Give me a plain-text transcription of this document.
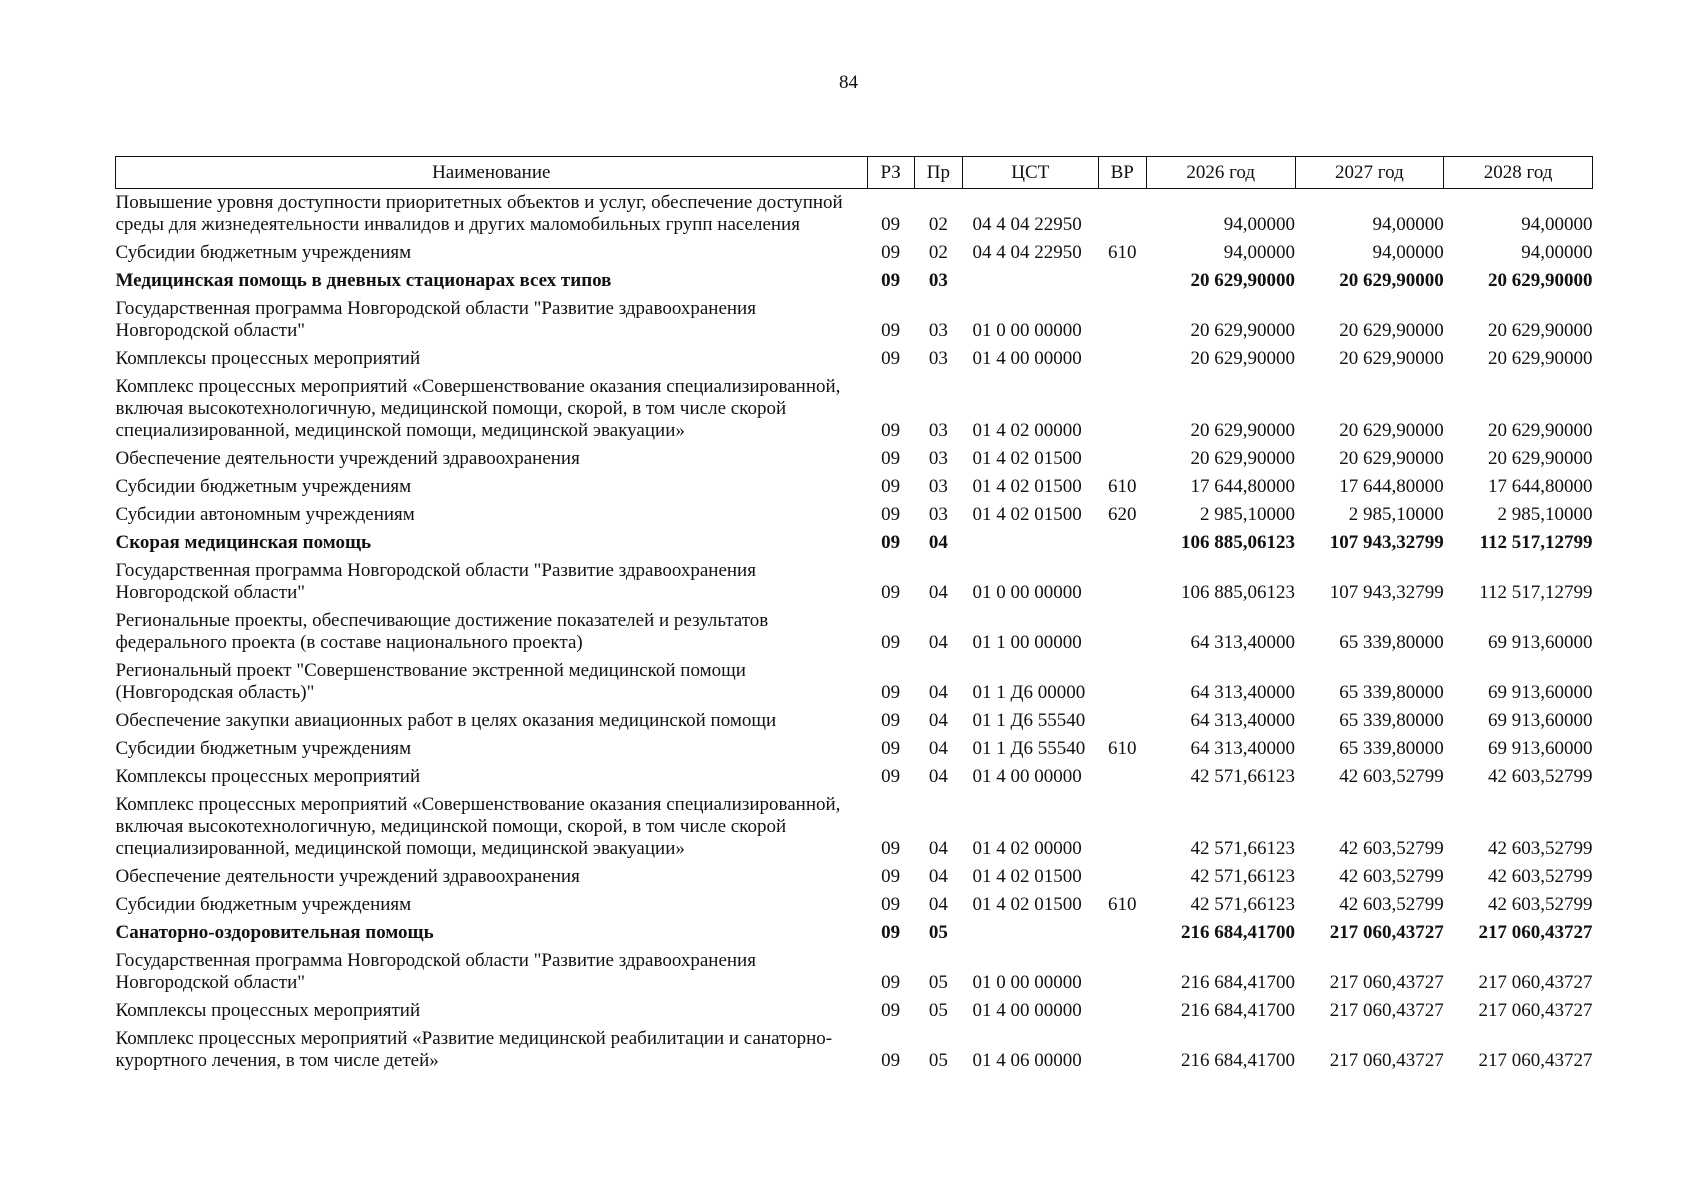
84
Наименование	РЗ	Пр	ЦСТ	ВР	2026 год	2027 год	2028 год
Повышение уровня доступности приоритетных объектов и услуг, обеспечение доступной среды для жизнедеятельности инвалидов и других маломобильных групп населения	09	02	04 4 04 22950		94,00000	94,00000	94,00000
Субсидии бюджетным учреждениям	09	02	04 4 04 22950	610	94,00000	94,00000	94,00000
Медицинская помощь в дневных стационарах всех типов	09	03			20 629,90000	20 629,90000	20 629,90000
Государственная программа Новгородской области "Развитие здравоохранения Новгородской области"	09	03	01 0 00 00000		20 629,90000	20 629,90000	20 629,90000
Комплексы процессных мероприятий	09	03	01 4 00 00000		20 629,90000	20 629,90000	20 629,90000
Комплекс процессных мероприятий «Совершенствование оказания специализированной, включая высокотехнологичную, медицинской помощи, скорой, в том числе скорой специализированной, медицинской помощи, медицинской эвакуации»	09	03	01 4 02 00000		20 629,90000	20 629,90000	20 629,90000
Обеспечение деятельности учреждений здравоохранения	09	03	01 4 02 01500		20 629,90000	20 629,90000	20 629,90000
Субсидии бюджетным учреждениям	09	03	01 4 02 01500	610	17 644,80000	17 644,80000	17 644,80000
Субсидии автономным учреждениям	09	03	01 4 02 01500	620	2 985,10000	2 985,10000	2 985,10000
Скорая медицинская помощь	09	04			106 885,06123	107 943,32799	112 517,12799
Государственная программа Новгородской области "Развитие здравоохранения Новгородской области"	09	04	01 0 00 00000		106 885,06123	107 943,32799	112 517,12799
Региональные проекты, обеспечивающие достижение показателей и результатов федерального проекта (в составе национального проекта)	09	04	01 1 00 00000		64 313,40000	65 339,80000	69 913,60000
Региональный проект "Совершенствование экстренной медицинской помощи (Новгородская область)"	09	04	01 1 Д6 00000		64 313,40000	65 339,80000	69 913,60000
Обеспечение закупки авиационных работ в целях оказания медицинской помощи	09	04	01 1 Д6 55540		64 313,40000	65 339,80000	69 913,60000
Субсидии бюджетным учреждениям	09	04	01 1 Д6 55540	610	64 313,40000	65 339,80000	69 913,60000
Комплексы процессных мероприятий	09	04	01 4 00 00000		42 571,66123	42 603,52799	42 603,52799
Комплекс процессных мероприятий «Совершенствование оказания специализированной, включая высокотехнологичную, медицинской помощи, скорой, в том числе скорой специализированной, медицинской помощи, медицинской эвакуации»	09	04	01 4 02 00000		42 571,66123	42 603,52799	42 603,52799
Обеспечение деятельности учреждений здравоохранения	09	04	01 4 02 01500		42 571,66123	42 603,52799	42 603,52799
Субсидии бюджетным учреждениям	09	04	01 4 02 01500	610	42 571,66123	42 603,52799	42 603,52799
Санаторно-оздоровительная помощь	09	05			216 684,41700	217 060,43727	217 060,43727
Государственная программа Новгородской области "Развитие здравоохранения Новгородской области"	09	05	01 0 00 00000		216 684,41700	217 060,43727	217 060,43727
Комплексы процессных мероприятий	09	05	01 4 00 00000		216 684,41700	217 060,43727	217 060,43727
Комплекс процессных мероприятий «Развитие медицинской реабилитации и санаторно-курортного лечения, в том числе детей»	09	05	01 4 06 00000		216 684,41700	217 060,43727	217 060,43727
